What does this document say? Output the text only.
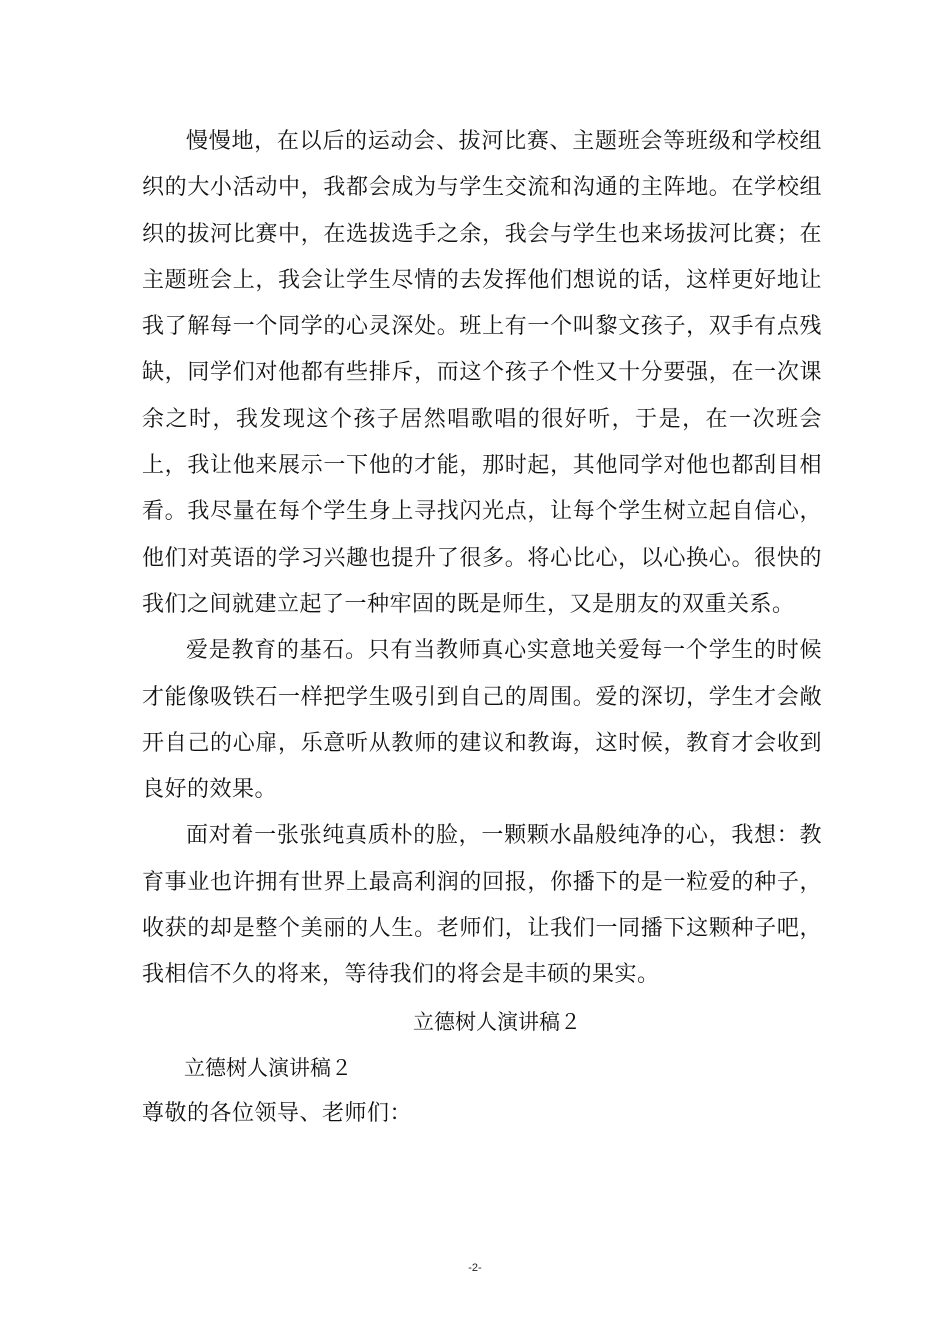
慢慢地，在以后的运动会、拔河比赛、主题班会等班级和学校组织的大小活动中，我都会成为与学生交流和沟通的主阵地。在学校组织的拔河比赛中，在选拔选手之余，我会与学生也来场拔河比赛；在主题班会上，我会让学生尽情的去发挥他们想说的话，这样更好地让我了解每一个同学的心灵深处。班上有一个叫黎文孩子，双手有点残缺，同学们对他都有些排斥，而这个孩子个性又十分要强，在一次课余之时，我发现这个孩子居然唱歌唱的很好听，于是，在一次班会上，我让他来展示一下他的才能，那时起，其他同学对他也都刮目相看。我尽量在每个学生身上寻找闪光点，让每个学生树立起自信心，他们对英语的学习兴趣也提升了很多。将心比心，以心换心。很快的我们之间就建立起了一种牢固的既是师生，又是朋友的双重关系。

爱是教育的基石。只有当教师真心实意地关爱每一个学生的时候才能像吸铁石一样把学生吸引到自己的周围。爱的深切，学生才会敞开自己的心扉，乐意听从教师的建议和教诲，这时候，教育才会收到良好的效果。

面对着一张张纯真质朴的脸，一颗颗水晶般纯净的心，我想：教育事业也许拥有世界上最高利润的回报，你播下的是一粒爱的种子，收获的却是整个美丽的人生。老师们，让我们一同播下这颗种子吧，我相信不久的将来，等待我们的将会是丰硕的果实。

立德树人演讲稿２

立德树人演讲稿２

尊敬的各位领导、老师们：

-2-
